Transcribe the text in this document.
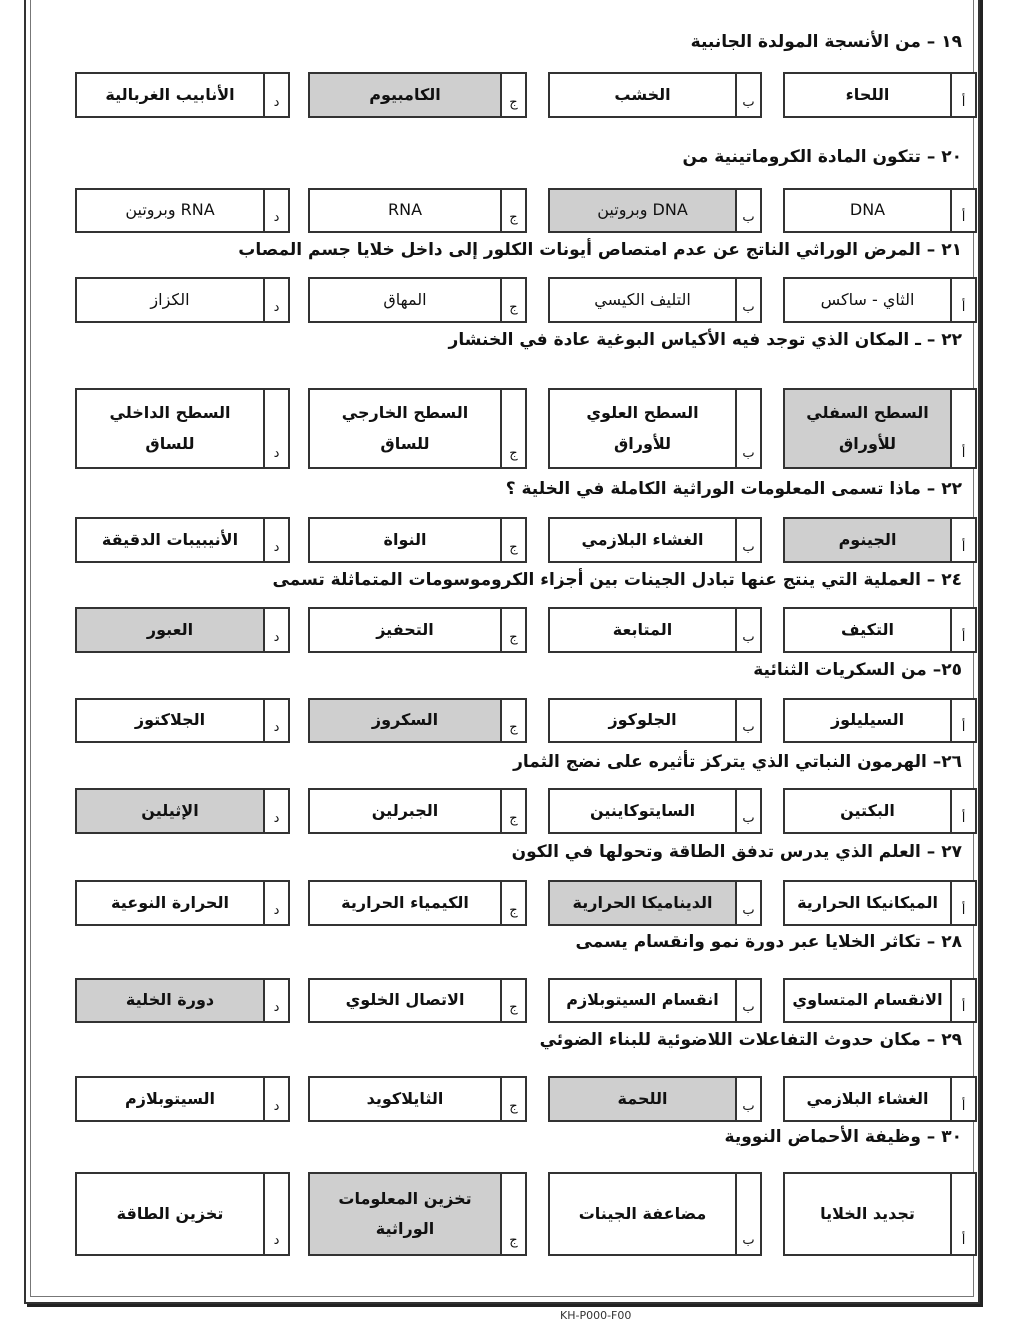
١٩ – من الأنسجة المولدة الجانبية
أ
اللحاء
ب
الخشب
ج
الكامبيوم
د
الأنابيب الغربالية
٢٠ – تتكون المادة الكروماتينية من
أ
DNA
ب
DNA وبروتين
ج
RNA
د
RNA وبروتين
٢١ – المرض الوراثي الناتج عن عدم امتصاص أيونات الكلور إلى داخل خلايا جسم المصاب
أ
الثاي - ساكس
ب
التليف الكيسي
ج
المهاق
د
الكزاز
٢٢ – ـ المكان الذي توجد فيه الأكياس البوغية عادة في الخنشار
أ
السطح السفلي للأوراق
ب
السطح العلوي للأوراق
ج
السطح الخارجي للساق
د
السطح الداخلي للساق
٢٢ – ماذا تسمى المعلومات الوراثية الكاملة في الخلية ؟
أ
الجينوم
ب
الغشاء البلازمي
ج
النواة
د
الأنيبيبات الدقيقة
٢٤ – العملية التي ينتج عنها تبادل الجينات بين أجزاء الكروموسومات المتماثلة تسمى
أ
التكيف
ب
المتابعة
ج
التحفيز
د
العبور
٢٥– من السكريات الثنائية
أ
السيليلوز
ب
الجلوكوز
ج
السكروز
د
الجلاكتوز
٢٦– الهرمون النباتي الذي يتركز تأثيره على نضج الثمار
أ
البكتين
ب
السايتوكاينين
ج
الجبرلين
د
الإثيلين
٢٧ – العلم الذي يدرس تدفق الطاقة وتحولها في الكون
أ
الميكانيكا الحرارية
ب
الديناميكا الحرارية
ج
الكيمياء الحرارية
د
الحرارة النوعية
٢٨ – تكاثر الخلايا عبر دورة نمو وانقسام يسمى
أ
الانقسام المتساوي
ب
انقسام السيتوبلازم
ج
الاتصال الخلوي
د
دورة الخلية
٢٩ – مكان حدوث التفاعلات اللاضوئية للبناء الضوئي
أ
الغشاء البلازمي
ب
اللحمة
ج
الثايلاكويد
د
السيتوبلازم
٣٠ – وظيفة الأحماض النووية
أ
تجديد الخلايا
ب
مضاعفة الجينات
ج
تخزين المعلومات الوراثية
د
تخزين الطاقة
KH-P000-F00
